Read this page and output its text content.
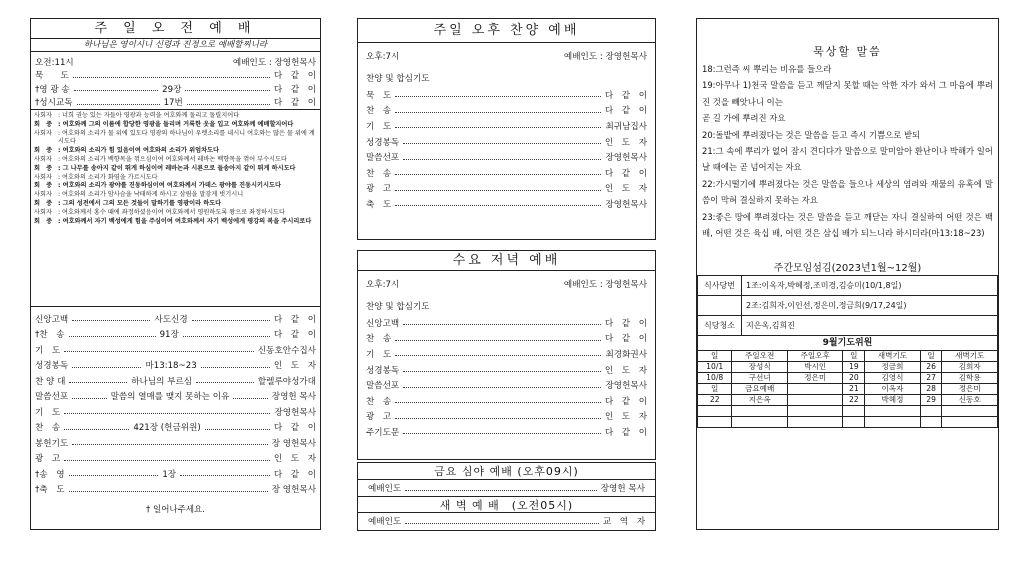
주 일 오 전 예 배
하나님은 영이시니 신령과 진정으로 예배할찌니라
오전:11시	예배인도 : 장영헌목사
묵　　도	다　같　이
†영 광 송	29장	다　같　이
†성시교독	17번	다　같　이
사회자 : 너희 권능 있는 자들아 영광과 능력을 여호와께 돌리고 돌릴지어다
회　중 : 여호와께 그의 이름에 합당한 영광을 돌리며 거룩한 옷을 입고 여호와께 예배할지어다
사회자 : 여호와의 소리가 물 위에 있도다 영광의 하나님이 우렛소리를 내시니 여호와는 많은 물 위에 계시도다
회　중 : 여호와의 소리가 힘 있음이여 여호와의 소리가 위엄차도다
사회자 : 여호와의 소리가 백향목을 꺾으심이여 여호와께서 레바논 백향목을 꺾어 부수시도다
회　중 : 그 나무를 송아지 같이 뛰게 하심이여 레바논과 시룐으로 들송아지 같이 뛰게 하시도다
사회자 : 여호와의 소리가 화염을 가르시도다
회　중 : 여호와의 소리가 광야를 진동하심이여 여호와께서 가데스 광야를 진동시키시도다
사회자 : 여호와의 소리가 암사슴을 낙태하게 하시고 삼림을 말갛게 벗기시니
회　중 : 그의 성전에서 그의 모든 것들이 말하기를 영광이라 하도다
사회자 : 여호와께서 홍수 때에 좌정하셨음이여 여호와께서 영원하도록 왕으로 좌정하시도다
회　중 : 여호와께서 자기 백성에게 힘을 주심이여 여호와께서 자기 백성에게 평강의 복을 주시리로다
신앙고백	사도신경	다　같　이
†찬　송	91장	다　같　이
기　도	신동호안수집사
성경봉독	마13:18~23	인　도　자
찬 양 대	하나님의 부르심	할렐루야성가대
말씀선포	말씀의 열매를 맺지 못하는 이유	장영헌 목사
기　도	장영헌목사
찬　송	421장 (헌금위원)	다　같　이
봉헌기도	장 영헌목사
광　고	인　도　자
†송　영	1장	다　같　이
†축　도	장 영헌목사
† 일어나주세요.
주일 오후 찬양 예배
오후:7시	예배인도 : 장영헌목사
찬양 및 합심기도
묵　도	다　같　이
찬　송	다　같　이
기　도	최귀남집사
성경봉독	인　도　자
말씀선포	장영헌목사
찬　송	다　같　이
광　고	인　도　자
축　도	장영헌목사
수요 저녁 예배
오후:7시	예배인도 : 장영헌목사
찬양 및 합심기도
신앙고백	다　같　이
찬　송	다　같　이
기　도	최경화권사
성경봉독	인　도　자
말씀선포	장영헌목사
찬　송	다　같　이
광　고	인　도　자
주기도문	다　같　이
금요 심야 예배 (오후09시)
예배인도	장영헌 목사
새 벽 예 배　(오전05시)
예배인도	교　역　자
묵상할 말씀
18:그런즉 씨 뿌리는 비유를 들으라
19:아무나 1)천국 말씀을 듣고 깨닫지 못할 때는 악한 자가 와서 그 마음에 뿌려진 것을 빼앗나니 이는
곧 길 가에 뿌려진 자요
20:돌밭에 뿌려졌다는 것은 말씀을 듣고 즉시 기쁨으로 받되
21:그 속에 뿌리가 없어 잠시 견디다가 말씀으로 말미암아 환난이나 박해가 일어날 때에는 곧 넘어지는 자요
22:가시떨기에 뿌려졌다는 것은 말씀을 들으나 세상의 염려와 재물의 유혹에 말씀이 막혀 결실하지 못하는 자요
23:좋은 땅에 뿌려졌다는 것은 말씀을 듣고 깨닫는 자니 결실하여 어떤 것은 백 배, 어떤 것은 육십 배, 어떤 것은 삼십 배가 되느니라 하시더라(마13:18~23)
주간모임섬김(2023년1월~12월)
식사당번	1조:이옥자,박혜정,조미경,김승미(10/1,8일)
	2조:김희자,이인선,정은미,정금희(9/17,24일)
식당청소	지은옥,김희진
9월기도위원
일	주일오전	주일오후	일	새벽기도	일	새벽기도
10/1	장성식	박시인	19	정금희	26	김희자
10/8	구선녀	정은미	20	김영식	27	김학용
일	금요예배		21	이옥자	28	정은미
22	지은옥		22	박혜정	29	신동호
